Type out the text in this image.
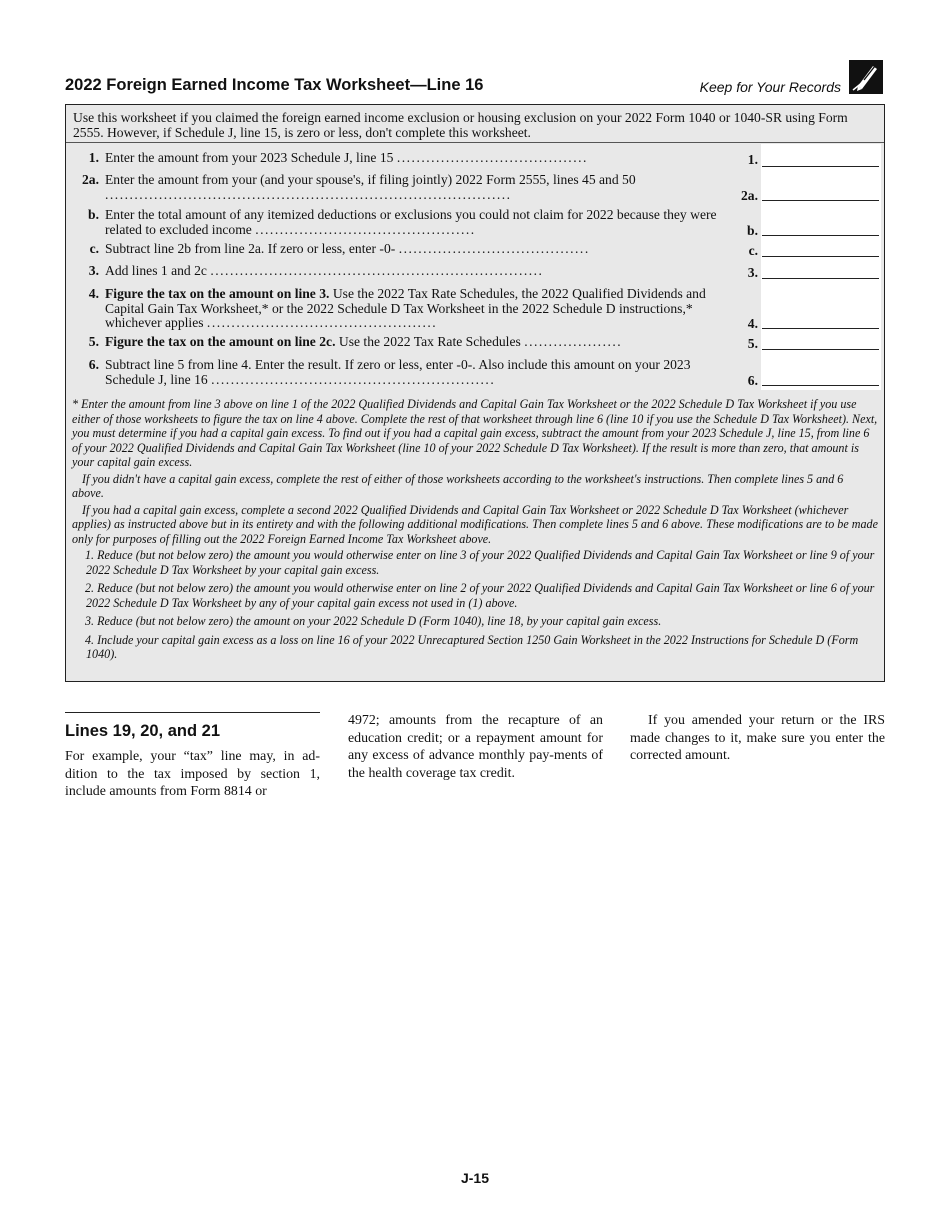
2022 Foreign Earned Income Tax Worksheet—Line 16	Keep for Your Records
Use this worksheet if you claimed the foreign earned income exclusion or housing exclusion on your 2022 Form 1040 or 1040-SR using Form 2555. However, if Schedule J, line 15, is zero or less, don't complete this worksheet.
1. Enter the amount from your 2023 Schedule J, line 15 .......................................	1.
2a. Enter the amount from your (and your spouse's, if filing jointly) 2022 Form 2555, lines 45 and 50 ...................................................................................	2a.
b. Enter the total amount of any itemized deductions or exclusions you could not claim for 2022 because they were related to excluded income .............................................	b.
c. Subtract line 2b from line 2a. If zero or less, enter -0- .......................................	c.
3. Add lines 1 and 2c ....................................................................	3.
4. Figure the tax on the amount on line 3. Use the 2022 Tax Rate Schedules, the 2022 Qualified Dividends and Capital Gain Tax Worksheet,* or the 2022 Schedule D Tax Worksheet in the 2022 Schedule D instructions,* whichever applies ...............................................	4.
5. Figure the tax on the amount on line 2c. Use the 2022 Tax Rate Schedules ....................	5.
6. Subtract line 5 from line 4. Enter the result. If zero or less, enter -0-. Also include this amount on your 2023 Schedule J, line 16 ..........................................................	6.

* Enter the amount from line 3 above on line 1 of the 2022 Qualified Dividends and Capital Gain Tax Worksheet or the 2022 Schedule D Tax Worksheet if you use either of those worksheets to figure the tax on line 4 above. Complete the rest of that worksheet through line 6 (line 10 if you use the Schedule D Tax Worksheet). Next, you must determine if you had a capital gain excess. To find out if you had a capital gain excess, subtract the amount from your 2023 Schedule J, line 15, from line 6 of your 2022 Qualified Dividends and Capital Gain Tax Worksheet (line 10 of your 2022 Schedule D Tax Worksheet). If the result is more than zero, that amount is your capital gain excess.

If you didn't have a capital gain excess, complete the rest of either of those worksheets according to the worksheet's instructions. Then complete lines 5 and 6 above.

If you had a capital gain excess, complete a second 2022 Qualified Dividends and Capital Gain Tax Worksheet or 2022 Schedule D Tax Worksheet (whichever applies) as instructed above but in its entirety and with the following additional modifications. Then complete lines 5 and 6 above. These modifications are to be made only for purposes of filling out the 2022 Foreign Earned Income Tax Worksheet above.

1. Reduce (but not below zero) the amount you would otherwise enter on line 3 of your 2022 Qualified Dividends and Capital Gain Tax Worksheet or line 9 of your 2022 Schedule D Tax Worksheet by your capital gain excess.

2. Reduce (but not below zero) the amount you would otherwise enter on line 2 of your 2022 Qualified Dividends and Capital Gain Tax Worksheet or line 6 of your 2022 Schedule D Tax Worksheet by any of your capital gain excess not used in (1) above.

3. Reduce (but not below zero) the amount on your 2022 Schedule D (Form 1040), line 18, by your capital gain excess.

4. Include your capital gain excess as a loss on line 16 of your 2022 Unrecaptured Section 1250 Gain Worksheet in the 2022 Instructions for Schedule D (Form 1040).

Lines 19, 20, and 21

For example, your “tax” line may, in ad-dition to the tax imposed by section 1, include amounts from Form 8814 or

4972; amounts from the recapture of an education credit; or a repayment amount for any excess of advance monthly pay-ments of the health coverage tax credit.

If you amended your return or the IRS made changes to it, make sure you enter the corrected amount.

J-15
